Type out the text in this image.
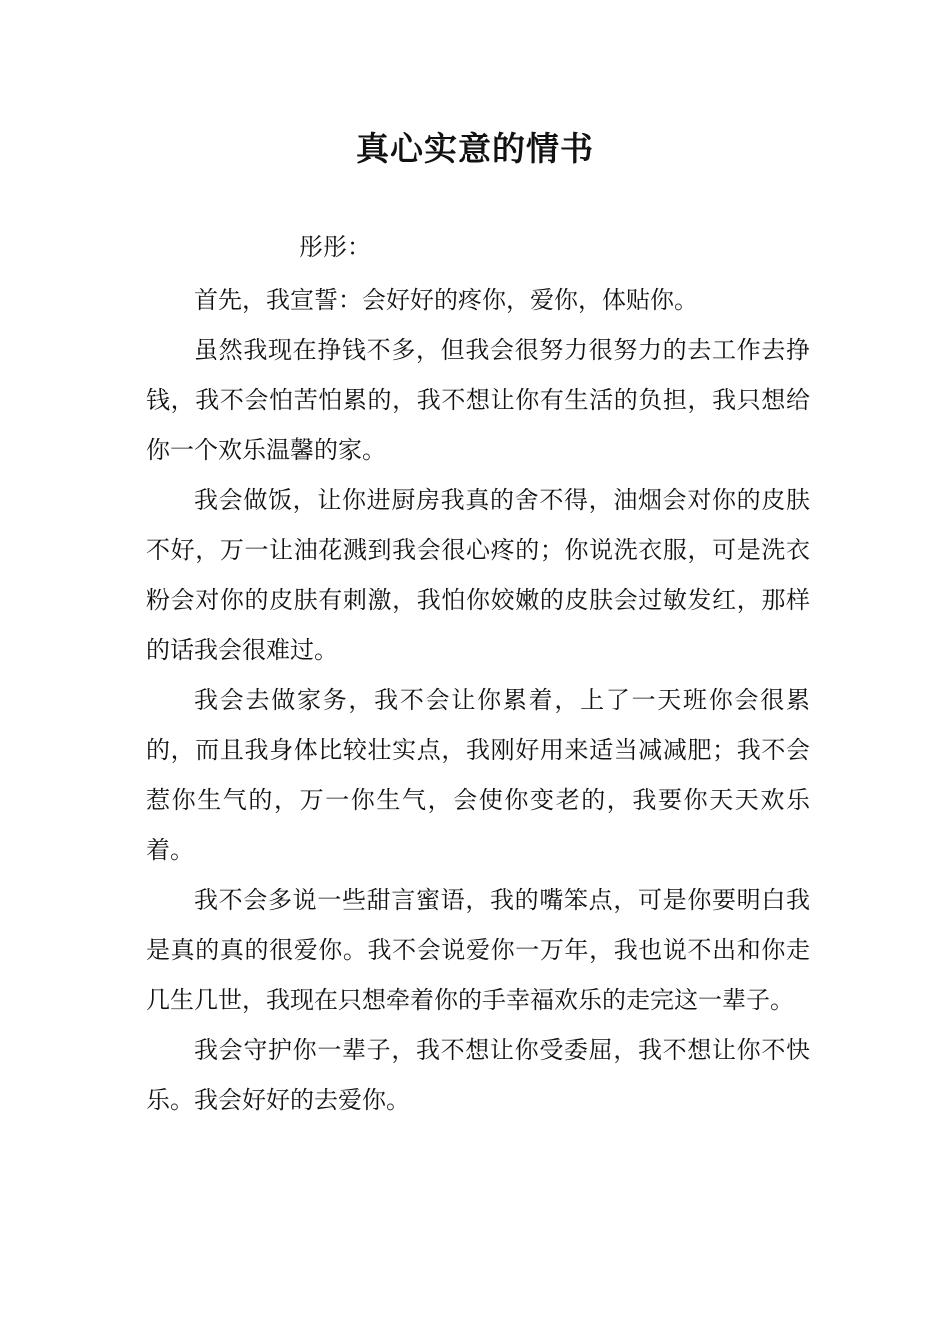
真心实意的情书

彤彤：

首先，我宣誓：会好好的疼你，爱你，体贴你。

虽然我现在挣钱不多，但我会很努力很努力的去工作去挣钱，我不会怕苦怕累的，我不想让你有生活的负担，我只想给你一个欢乐温馨的家。

我会做饭，让你进厨房我真的舍不得，油烟会对你的皮肤不好，万一让油花溅到我会很心疼的；你说洗衣服，可是洗衣粉会对你的皮肤有刺激，我怕你姣嫩的皮肤会过敏发红，那样的话我会很难过。

我会去做家务，我不会让你累着，上了一天班你会很累的，而且我身体比较壮实点，我刚好用来适当减减肥；我不会惹你生气的，万一你生气，会使你变老的，我要你天天欢乐着。

我不会多说一些甜言蜜语，我的嘴笨点，可是你要明白我是真的真的很爱你。我不会说爱你一万年，我也说不出和你走几生几世，我现在只想牵着你的手幸福欢乐的走完这一辈子。

我会守护你一辈子，我不想让你受委屈，我不想让你不快乐。我会好好的去爱你。
